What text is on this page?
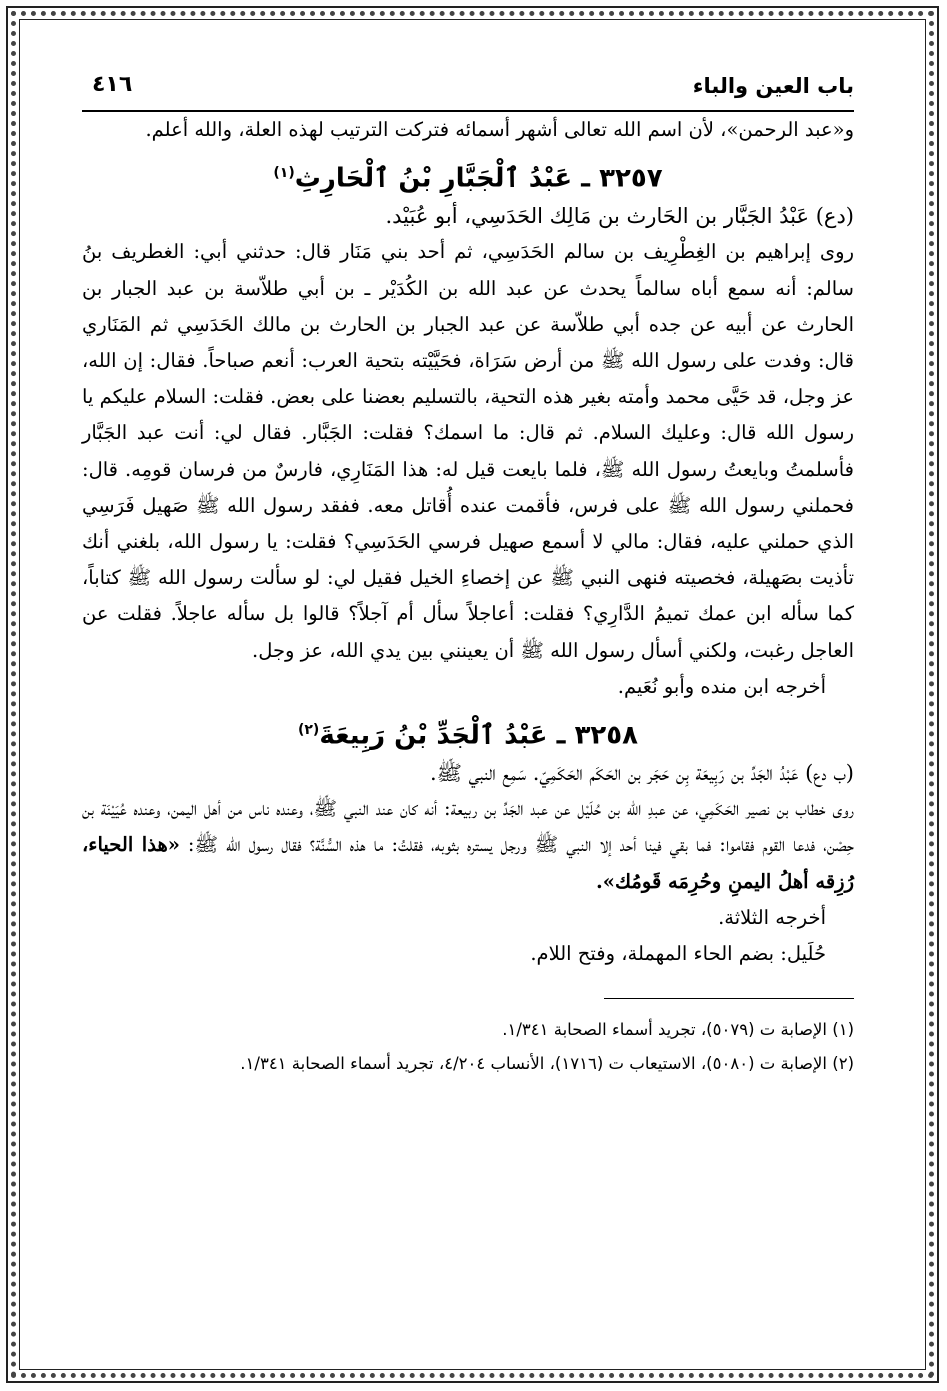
باب العين والباء
٤١٦

و«عبد الرحمن»، لأن اسم الله تعالى أشهر أسمائه فتركت الترتيب لهذه العلة، والله أعلم.

٣٢٥٧ ـ عَبْدُ ٱلْجَبَّارِ بْنُ ٱلْحَارِثِ$^{(١)}$

(دع) عَبْدُ الجَبَّار بن الحَارث بن مَالِك الحَدَسِي، أبو عُبَيْد.

روى إبراهيم بن الغِطْرِيف بن سالم الحَدَسِي، ثم أحد بني مَنَار قال: حدثني أبي: الغطريف بنُ سالم: أنه سمع أباه سالماً يحدث عن عبد الله بن الكُدَيْر ـ بن أبي طلاّسة بن عبد الجبار بن الحارث عن أبيه عن جده أبي طلاّسة عن عبد الجبار بن الحارث بن مالك الحَدَسِي ثم المَنَاري قال: وفدت على رسول الله ﷺ من أرض سَرَاة، فحَيَّيْته بتحية العرب: أنعم صباحاً. فقال: إن الله، عز وجل، قد حَيَّى محمد وأمته بغير هذه التحية، بالتسليم بعضنا على بعض. فقلت: السلام عليكم يا رسول الله قال: وعليك السلام. ثم قال: ما اسمك؟ فقلت: الجَبَّار. فقال لي: أنت عبد الجَبَّار فأسلمتُ وبايعتُ رسول الله ﷺ، فلما بايعت قيل له: هذا المَنَارِي، فارسٌ من فرسان قومِه. قال: فحملني رسول الله ﷺ على فرس، فأقمت عنده أُقاتل معه. ففقد رسول الله ﷺ صَهيل فَرَسِي الذي حملني عليه، فقال: مالي لا أسمع صهيل فرسي الحَدَسِي؟ فقلت: يا رسول الله، بلغني أنك تأذيت بصَهيلة، فخصيته فنهى النبي ﷺ عن إخصاءِ الخيل فقيل لي: لو سألت رسول الله ﷺ كتاباً، كما سأله ابن عمك تميمُ الدَّارِي؟ فقلت: أعاجلاً سأل أم آجلاً؟ قالوا بل سأله عاجلاً. فقلت عن العاجل رغبت، ولكني أسأل رسول الله ﷺ أن يعينني بين يدي الله، عز وجل.

أخرجه ابن منده وأبو نُعَيم.

٣٢٥٨ ـ عَبْدُ ٱلْجَدِّ بْنُ رَبِيعَةَ$^{(٢)}$

(ب دع) عَبْدُ الجَدِّ بن رَبِيعَة بِن حَجَر بن الحَكَم الحَكَمِيّ. سَمِع النبي ﷺ.

روى خطاب بن نصير الحَكَمِي، عن عبدِ الله بن حُلَيْل عن عبد الجَدِّ بن ربيعة: أنه كان عند النبي ﷺ، وعنده ناس من أهل اليمن، وعنده عُيَيْنَة بن حِصْن، فدعا القوم فقاموا: فما بقي فينا أحد إلا النبي ﷺ ورجل يستره بثوبه، فقلتُ: ما هذه السُّنَّة؟ فقال رسول الله ﷺ: «هذا الحياء، رُزِقه أهلُ اليمنِ وحُرِمَه قَومُك».

أخرجه الثلاثة.

حُلَيل: بضم الحاء المهملة، وفتح اللام.

(١) الإصابة ت (٥٠٧٩)، تجريد أسماء الصحابة ١/٣٤١.

(٢) الإصابة ت (٥٠٨٠)، الاستيعاب ت (١٧١٦)، الأنساب ٤/٢٠٤، تجريد أسماء الصحابة ١/٣٤١.
